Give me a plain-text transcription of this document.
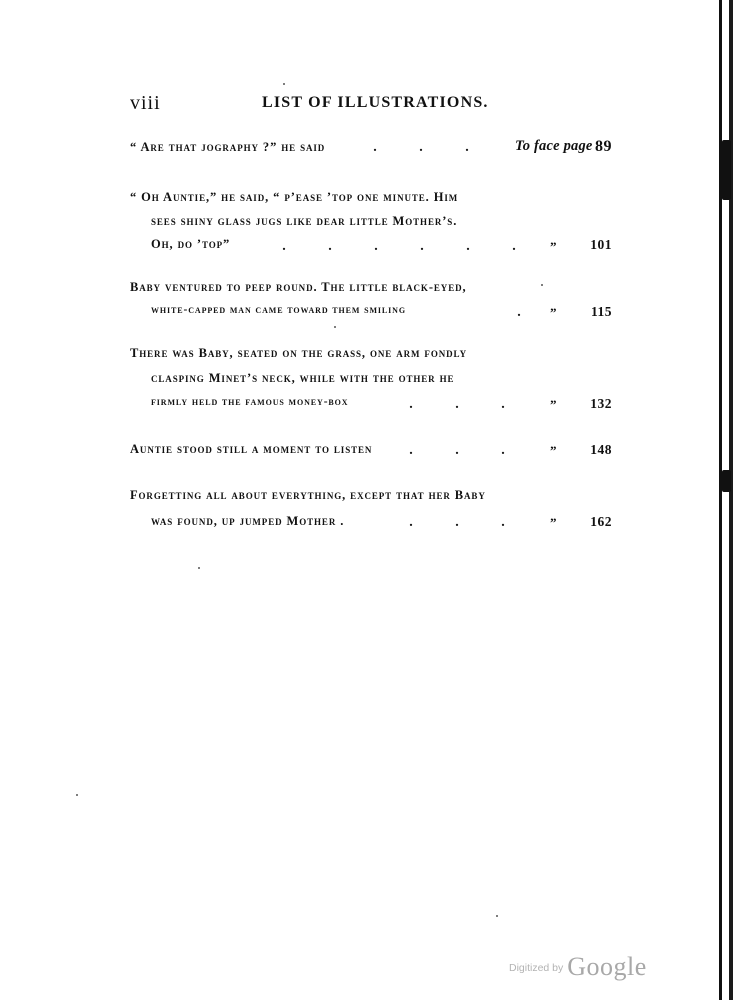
viii	LIST OF ILLUSTRATIONS.
“ Are that jography ?” he said	.	.	.	To face page 89
“ Oh Auntie,” he said, “ p’ease ’top one minute. Him
sees shiny glass jugs like dear little Mother’s.
Oh, do ’top”	.	.	.	.	.	.	”	101
Baby ventured to peep round. The little black-eyed,
white-capped man came toward them smiling	.	”	115
There was Baby, seated on the grass, one arm fondly
clasping Minet’s neck, while with the other he
firmly held the famous money-box	.	.	.	”	132
Auntie stood still a moment to listen	.	.	.	”	148
Forgetting all about everything, except that her Baby
was found, up jumped Mother .	.	.	.	”	162
$^{Digitized by}$ Google
